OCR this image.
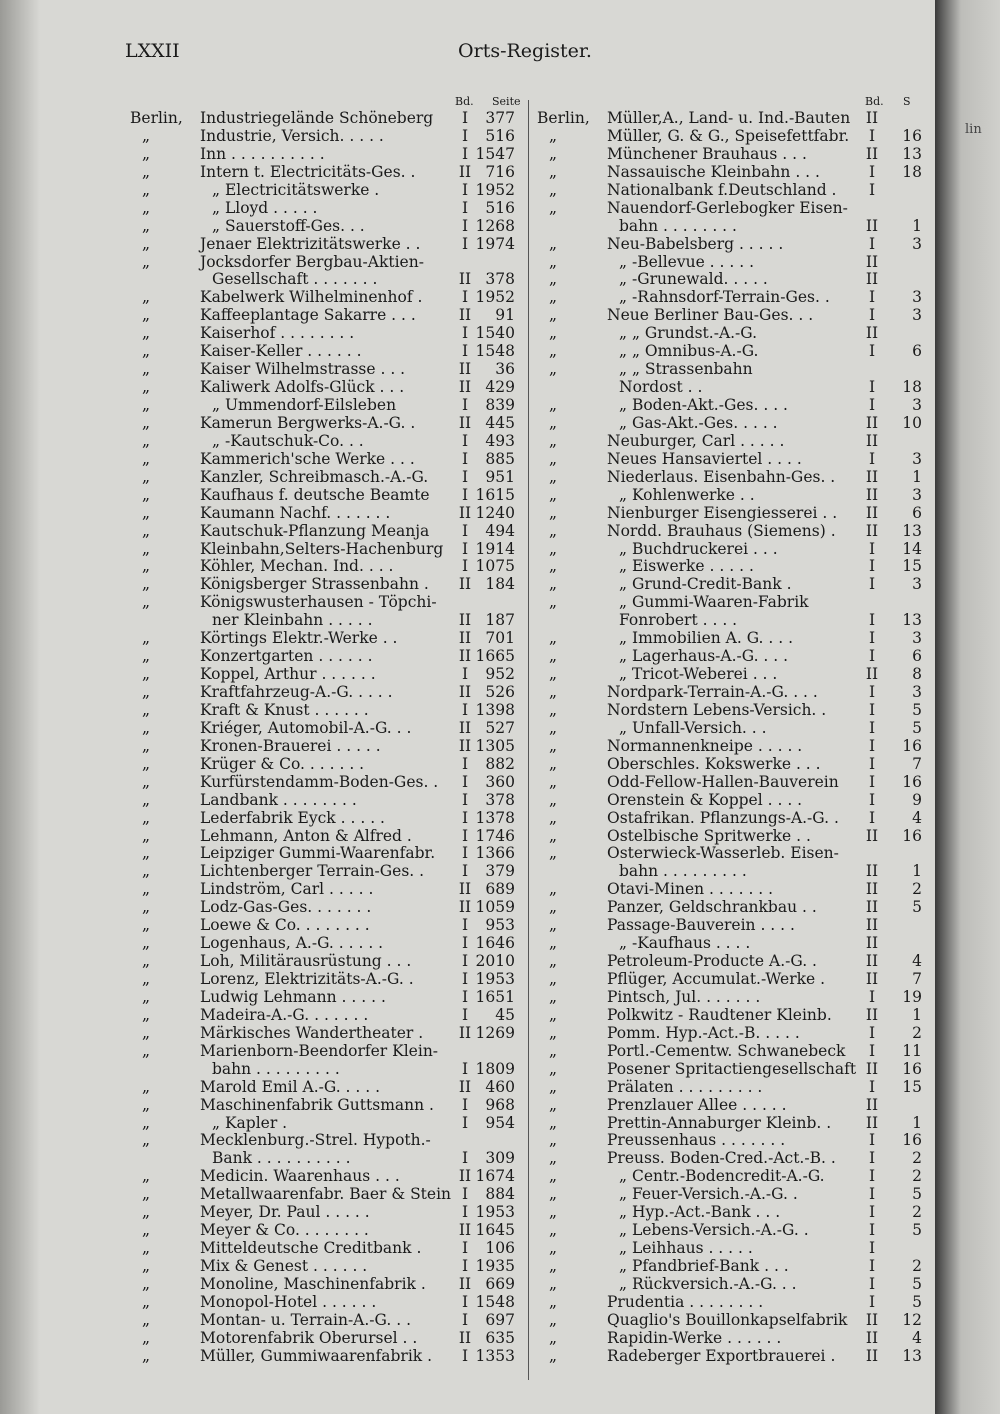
LXXII	Orts-Register.
Bd. Seite	Bd. S
Berlin, Industriegelände Schöneberg	I	377
„	Industrie, Versich. . . . .	I	516
„	Inn . . . . . . . . . .	I 1547
„	Intern t. Electricitäts-Ges. .	II 716
„	„ Electricitätswerke .	I 1952
„	„ Lloyd . . . . .	I	516
„	„ Sauerstoff-Ges. . .	I 1268
„	Jenaer Elektrizitätswerke . .	I 1974
„	Jocksdorfer Bergbau-Aktien-
Gesellschaft . . . . . . .	II 378
„	Kabelwerk Wilhelminenhof .	I 1952
„	Kaffeeplantage Sakarre . . .	II	91
„	Kaiserhof . . . . . . . .	I 1540
„	Kaiser-Keller . . . . . .	I 1548
„	Kaiser Wilhelmstrasse . . .	II	36
„	Kaliwerk Adolfs-Glück . . .	II 429
„	„ Ummendorf-Eilsleben	I	839
„	Kamerun Bergwerks-A.-G. .	II 445
„	„ -Kautschuk-Co. . .	I	493
„	Kammerich'sche Werke . . .	I	885
„	Kanzler, Schreibmasch.-A.-G.	I	951
„	Kaufhaus f. deutsche Beamte	I 1615
„	Kaumann Nachf. . . . . . .	II 1240
„	Kautschuk-Pflanzung Meanja	I	494
„	Kleinbahn,Selters-Hachenburg	I 1914
„	Köhler, Mechan. Ind. . . .	I 1075
„	Königsberger Strassenbahn . II 184
„	Königswusterhausen - Töpchi-
ner Kleinbahn . . . . .	II 187
„	Körtings Elektr.-Werke . .	II 701
„	Konzertgarten . . . . . .	II 1665
„	Koppel, Arthur . . . . . .	I	952
„	Kraftfahrzeug-A.-G. . . . .	II 526
„	Kraft & Knust . . . . . .	I 1398
„	Kriéger, Automobil-A.-G. . .	II 527
„	Kronen-Brauerei . . . . .	II 1305
„	Krüger & Co. . . . . . .	I	882
„	Kurfürstendamm-Boden-Ges. .	I	360
„	Landbank . . . . . . . .	I	378
„	Lederfabrik Eyck . . . . .	I 1378
„	Lehmann, Anton & Alfred .	I 1746
„	Leipziger Gummi-Waarenfabr.	I 1366
„	Lichtenberger Terrain-Ges. .	I	379
„	Lindström, Carl . . . . .	II 689
„	Lodz-Gas-Ges. . . . . . .	II 1059
„	Loewe & Co. . . . . . . .	I	953
„	Logenhaus, A.-G. . . . . .	I 1646
„	Loh, Militärausrüstung . . .	I 2010
„	Lorenz, Elektrizitäts-A.-G. .	I 1953
„	Ludwig Lehmann . . . . .	I 1651
„	Madeira-A.-G. . . . . . .	I	45
„	Märkisches Wandertheater . II 1269
„	Marienborn-Beendorfer Klein-
bahn . . . . . . . . .	I 1809
„	Marold Emil A.-G. . . . .	II 460
„	Maschinenfabrik Guttsmann .	I	968
„	„ Kapler .	I	954
„	Mecklenburg.-Strel. Hypoth.-
Bank . . . . . . . . . .	I	309
„	Medicin. Waarenhaus . . .	II 1674
„	Metallwaarenfabr. Baer & Stein I	884
„	Meyer, Dr. Paul . . . . .	I 1953
„	Meyer & Co. . . . . . . .	II 1645
„	Mitteldeutsche Creditbank .	I	106
„	Mix & Genest . . . . . .	I 1935
„	Monoline, Maschinenfabrik . II 669
„	Monopol-Hotel . . . . . .	I 1548
„	Montan- u. Terrain-A.-G. . .	I	697
„	Motorenfabrik Oberursel . .	II 635
„	Müller, Gummiwaarenfabrik .	I 1353
Berlin, Müller,A., Land- u. Ind.-Bauten II
„	Müller, G. & G., Speisefettfabr.	I	16
„	Münchener Brauhaus . . .	II	13
„	Nassauische Kleinbahn . . .	I	18
„	Nationalbank f.Deutschland .	I
„	Nauendorf-Gerlebogker Eisen-
bahn . . . . . . . .	II	1
„	Neu-Babelsberg . . . . .	I	3
„	„ -Bellevue . . . . .	II
„	„ -Grunewald. . . . .	II
„	„ -Rahnsdorf-Terrain-Ges. .	I	3
„	Neue Berliner Bau-Ges. . .	I	3
„	„ „ Grundst.-A.-G.	II
„	„ „ Omnibus-A.-G.	I	6
„	„ „ Strassenbahn
Nordost . .	I	18
„	„ Boden-Akt.-Ges. . . .	I	3
„	„ Gas-Akt.-Ges. . . . .	II	10
„	Neuburger, Carl . . . . .	II
„	Neues Hansaviertel . . . .	I	3
„	Niederlaus. Eisenbahn-Ges. . II	1
„	„ Kohlenwerke . .	II	3
„	Nienburger Eisengiesserei . . II	6
„	Nordd. Brauhaus (Siemens) . II	13
„	„ Buchdruckerei . . .	I	14
„	„ Eiswerke . . . . .	I	15
„	„ Grund-Credit-Bank .	I	3
„	„ Gummi-Waaren-Fabrik
Fonrobert . . . .	I	13
„	„ Immobilien A. G. . . .	I	3
„	„ Lagerhaus-A.-G. . . .	I	6
„	„ Tricot-Weberei . . .	II	8
„	Nordpark-Terrain-A.-G. . . .	I	3
„	Nordstern Lebens-Versich. .	I	5
„	„ Unfall-Versich. . .	I	5
„	Normannenkneipe . . . . .	I	16
„	Oberschles. Kokswerke . . .	I	7
„	Odd-Fellow-Hallen-Bauverein	I	16
„	Orenstein & Koppel . . . .	I	9
„	Ostafrikan. Pflanzungs-A.-G. .	I	4
„	Ostelbische Spritwerke . .	II	16
„	Osterwieck-Wasserleb. Eisen-
bahn . . . . . . . . .	II	1
„	Otavi-Minen . . . . . . .	II	2
„	Panzer, Geldschrankbau . .	II	5
„	Passage-Bauverein . . . .	II
„	„ -Kaufhaus . . . .	II
„	Petroleum-Producte A.-G. .	II	4
„	Pflüger, Accumulat.-Werke .	II	7
„	Pintsch, Jul. . . . . . .	I	19
„	Polkwitz - Raudtener Kleinb. II	1
„	Pomm. Hyp.-Act.-B. . . . .	I	2
„	Portl.-Cementw. Schwanebeck	I	11
„	Posener Spritactiengesellschaft II	16
„	Prälaten . . . . . . . . .	I	15
„	Prenzlauer Allee . . . . .	II
„	Prettin-Annaburger Kleinb. . II	1
„	Preussenhaus . . . . . . .	I	16
„	Preuss. Boden-Cred.-Act.-B. .	I	2
„	„ Centr.-Bodencredit-A.-G.	I	2
„	„ Feuer-Versich.-A.-G. .	I	5
„	„ Hyp.-Act.-Bank . . .	I	2
„	„ Lebens-Versich.-A.-G. .	I	5
„	„ Leihhaus . . . . .	I
„	„ Pfandbrief-Bank . . .	I	2
„	„ Rückversich.-A.-G. . .	I	5
„	Prudentia . . . . . . . .	I	5
„	Quaglio's Bouillonkapselfabrik II	12
„	Rapidin-Werke . . . . . .	II	4
„	Radeberger Exportbrauerei . II	13
lin
